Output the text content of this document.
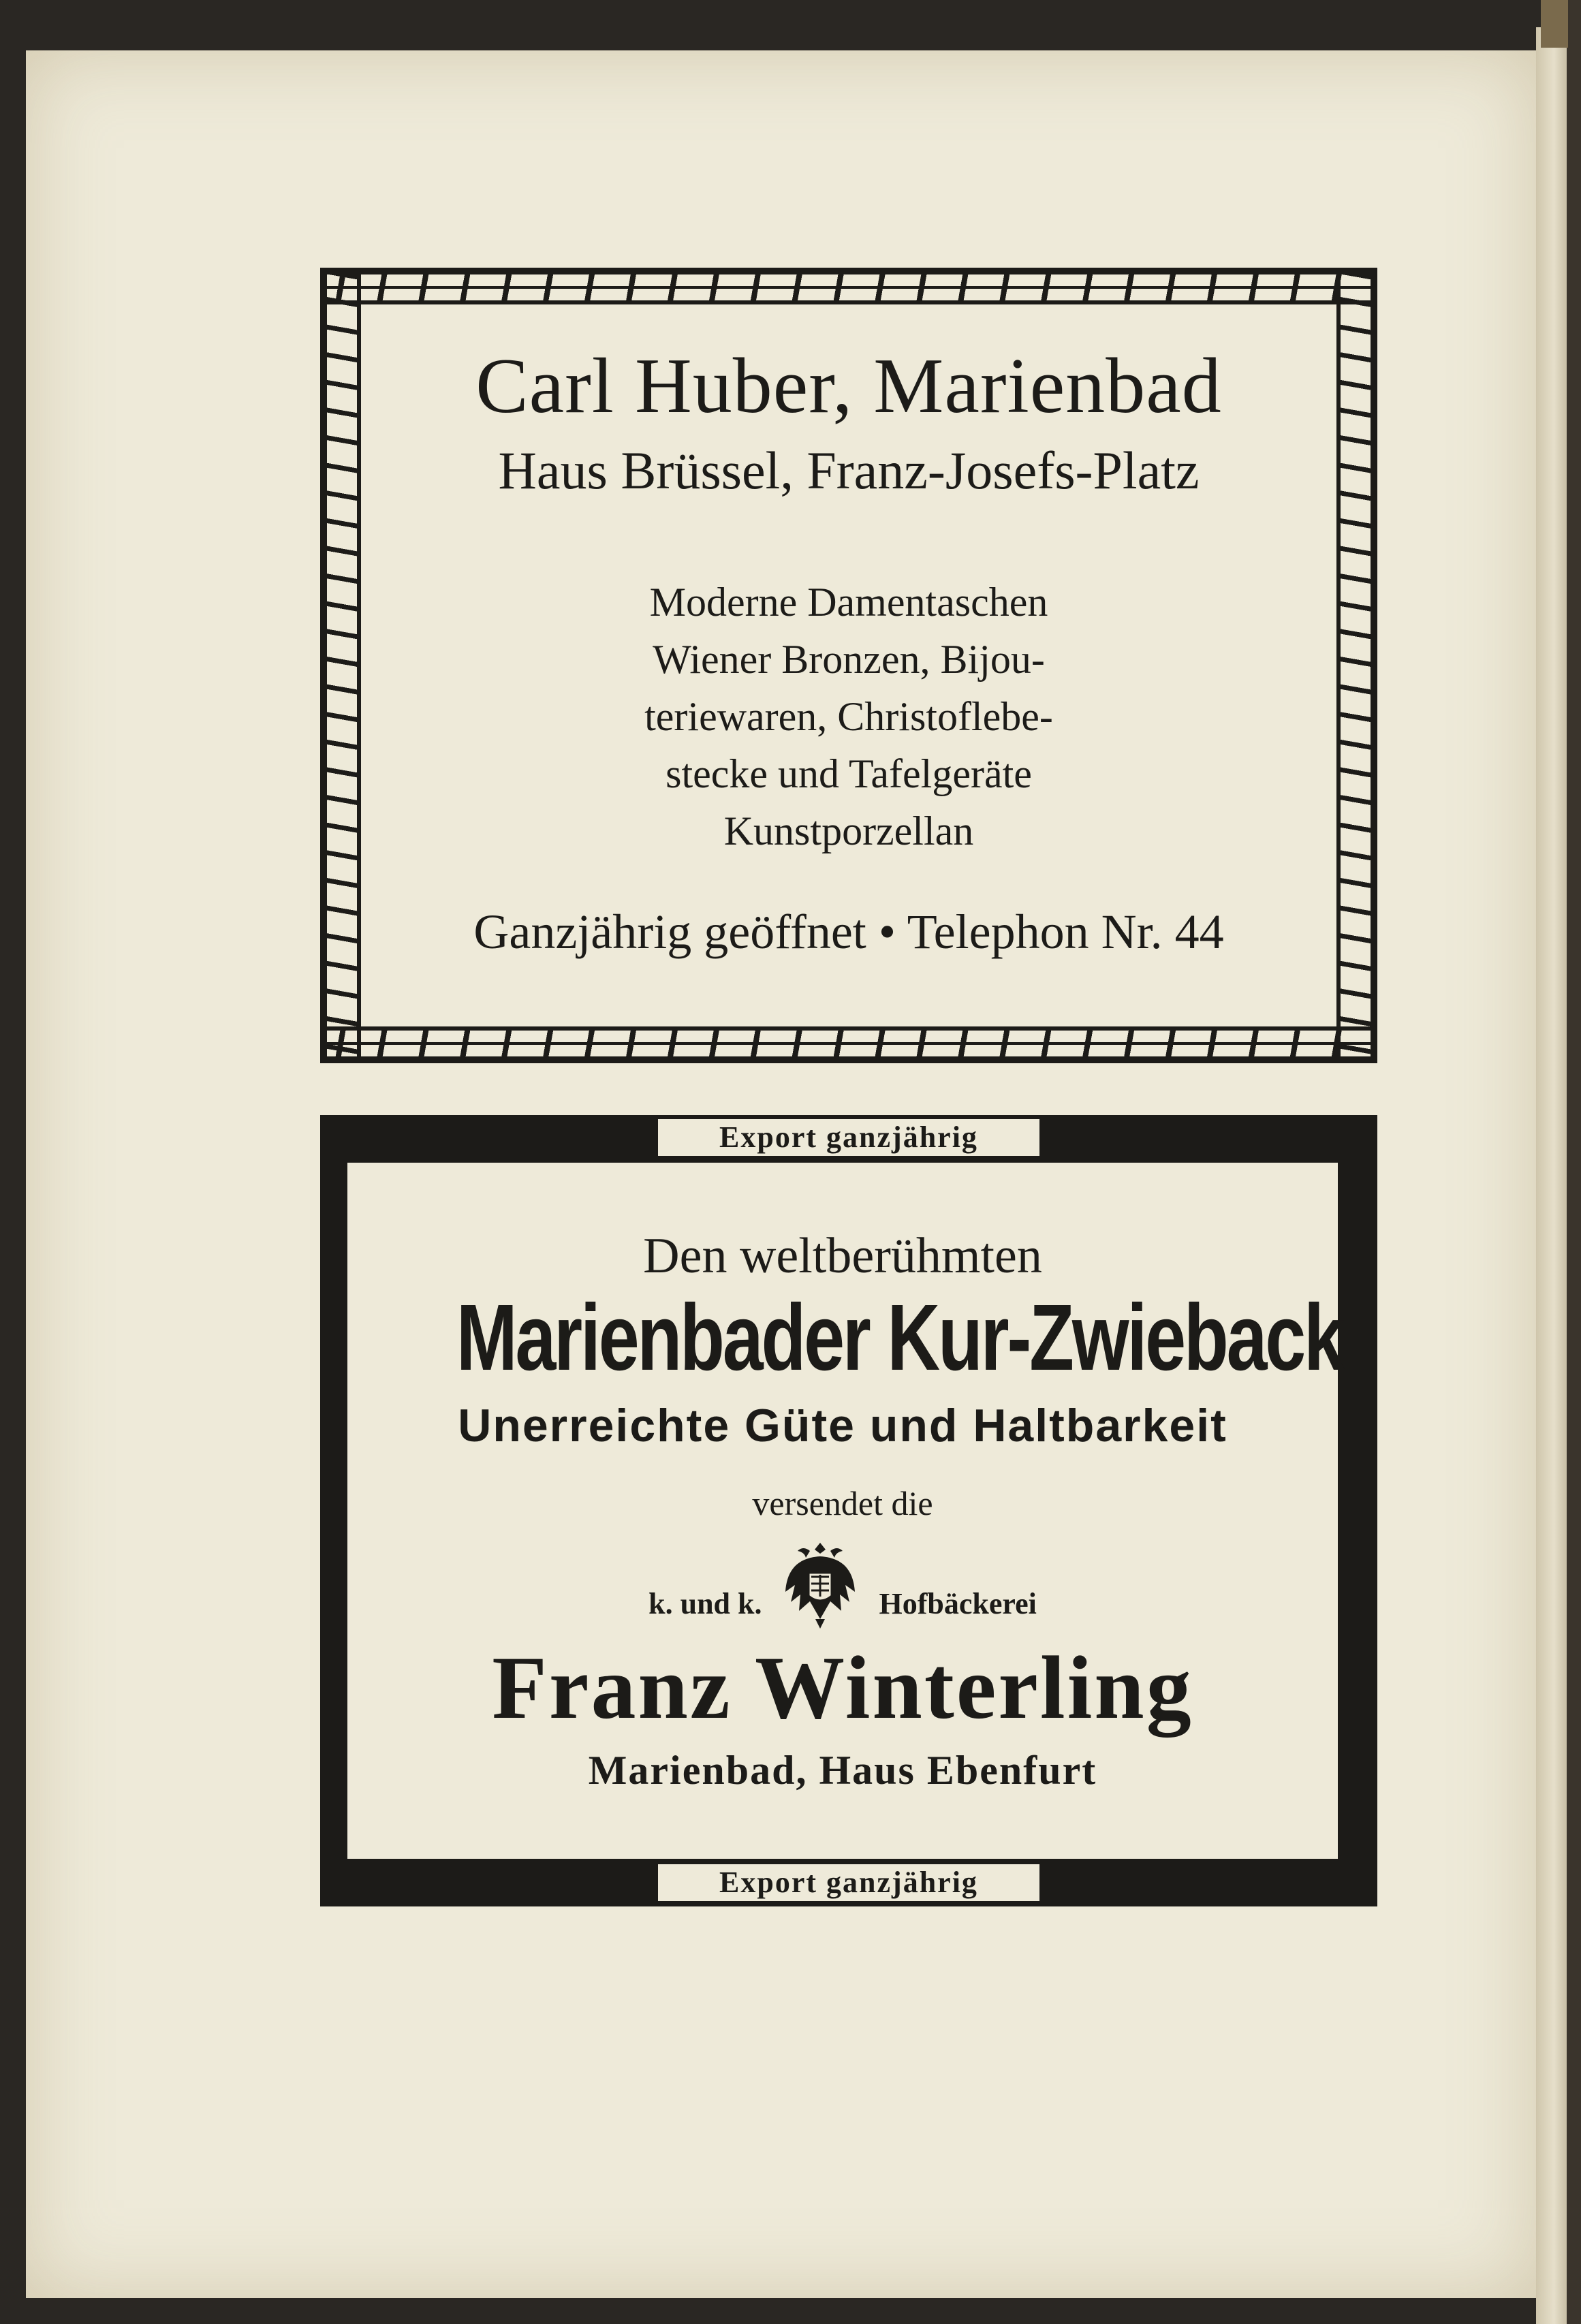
Carl Huber, Marienbad
Haus Brüssel, Franz-Josefs-Platz
Moderne Damentaschen
Wiener Bronzen, Bijou-
teriewaren, Christoflebe-
stecke und Tafelgeräte
Kunstporzellan
Ganzjährig geöffnet • Telephon Nr. 44
Den weltberühmten
Marienbader Kur-Zwieback
Unerreichte Güte und Haltbarkeit
versendet die
k. und k.	Hofbäckerei
Franz Winterling
Marienbad, Haus Ebenfurt
Export ganzjährig
Export ganzjährig
